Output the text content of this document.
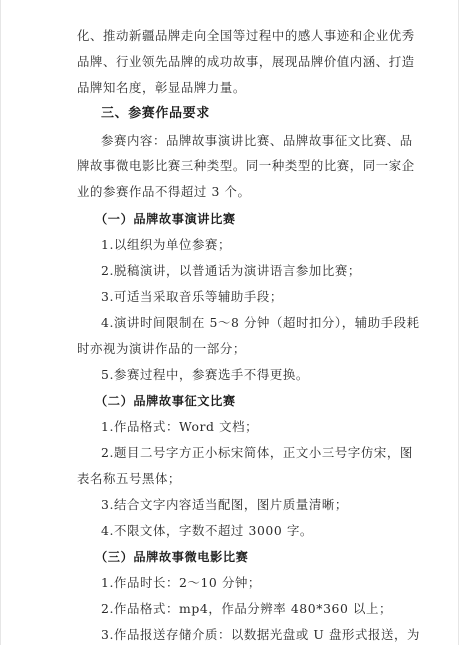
化、推动新疆品牌走向全国等过程中的感人事迹和企业优秀
品牌、行业领先品牌的成功故事，展现品牌价值内涵、打造
品牌知名度，彰显品牌力量。
三、参赛作品要求
参赛内容：品牌故事演讲比赛、品牌故事征文比赛、品
牌故事微电影比赛三种类型。同一种类型的比赛，同一家企
业的参赛作品不得超过 3 个。
（一）品牌故事演讲比赛
1.以组织为单位参赛；
2.脱稿演讲，以普通话为演讲语言参加比赛；
3.可适当采取音乐等辅助手段；
4.演讲时间限制在 5～8 分钟（超时扣分），辅助手段耗
时亦视为演讲作品的一部分；
5.参赛过程中，参赛选手不得更换。
（二）品牌故事征文比赛
1.作品格式：Word 文档；
2.题目二号字方正小标宋简体，正文小三号字仿宋，图
表名称五号黑体；
3.结合文字内容适当配图，图片质量清晰；
4.不限文体，字数不超过 3000 字。
（三）品牌故事微电影比赛
1.作品时长：2～10 分钟；
2.作品格式：mp4，作品分辨率 480*360 以上；
3.作品报送存储介质：以数据光盘或 U 盘形式报送，为
